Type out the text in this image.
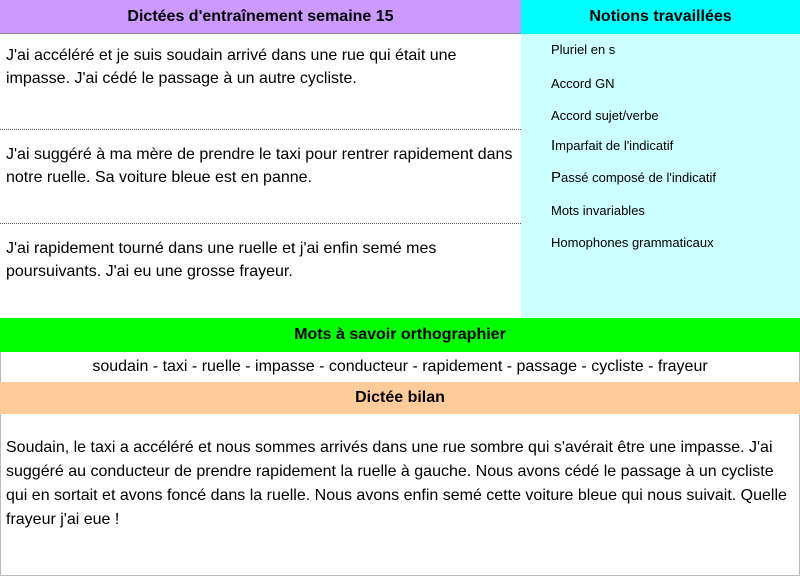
Dictées d'entraînement semaine 15	Notions travaillées
J'ai accéléré et je suis soudain arrivé dans une rue qui était une impasse. J'ai cédé le passage à un autre cycliste.
J'ai suggéré à ma mère de prendre le taxi pour rentrer rapidement dans notre ruelle. Sa voiture bleue est en panne.
J'ai rapidement tourné dans une ruelle et j'ai enfin semé mes poursuivants. J'ai eu une grosse frayeur.
Pluriel en s
Accord GN
Accord sujet/verbe
Imparfait de l'indicatif
Passé composé de l'indicatif
Mots invariables
Homophones grammaticaux
Mots à savoir orthographier
soudain - taxi - ruelle - impasse - conducteur - rapidement - passage - cycliste - frayeur
Dictée bilan
Soudain, le taxi a accéléré et nous sommes arrivés dans une rue sombre qui s'avérait être une impasse. J'ai suggéré au conducteur de prendre rapidement la ruelle à gauche. Nous avons cédé le passage à un cycliste qui en sortait et avons foncé dans la ruelle. Nous avons enfin semé cette voiture bleue qui nous suivait. Quelle frayeur j'ai eue !
